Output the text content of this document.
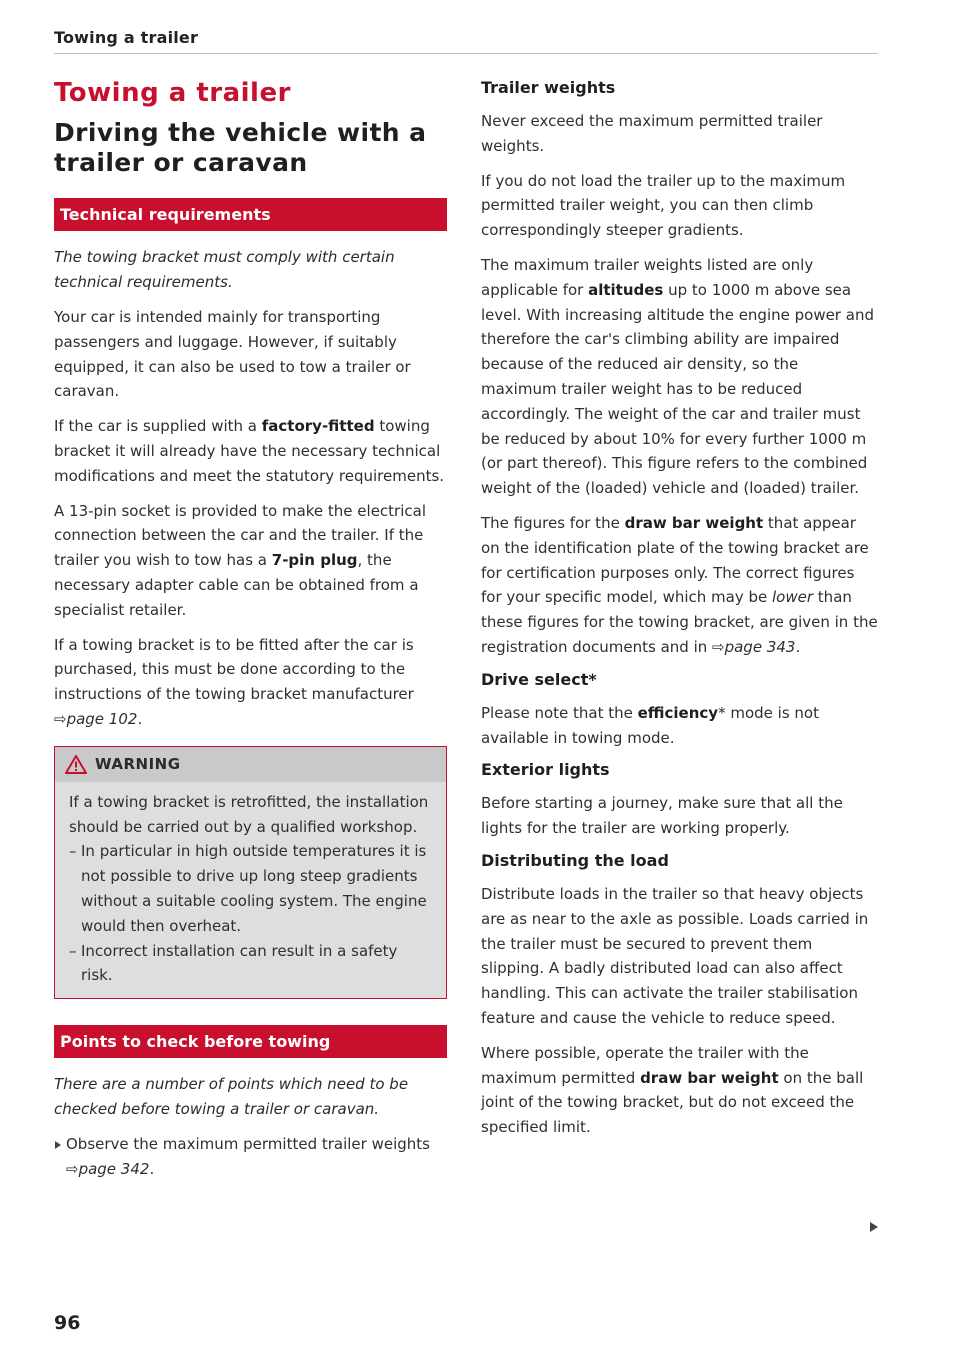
Towing a trailer
Towing a trailer
Driving the vehicle with a trailer or caravan
Technical requirements

The towing bracket must comply with certain technical requirements.

Your car is intended mainly for transporting passengers and luggage. However, if suitably equipped, it can also be used to tow a trailer or caravan.

If the car is supplied with a factory-fitted towing bracket it will already have the necessary technical modifications and meet the statutory requirements.

A 13-pin socket is provided to make the electrical connection between the car and the trailer. If the trailer you wish to tow has a 7-pin plug, the necessary adapter cable can be obtained from a specialist retailer.

If a towing bracket is to be fitted after the car is purchased, this must be done according to the instructions of the towing bracket manufacturer ⇨page 102.

WARNING

If a towing bracket is retrofitted, the installation should be carried out by a qualified workshop.

– In particular in high outside temperatures it is not possible to drive up long steep gradients without a suitable cooling system. The engine would then overheat.
– Incorrect installation can result in a safety risk.
Points to check before towing

There are a number of points which need to be checked before towing a trailer or caravan.

Observe the maximum permitted trailer weights ⇨page 342.
Trailer weights

Never exceed the maximum permitted trailer weights.

If you do not load the trailer up to the maximum permitted trailer weight, you can then climb correspondingly steeper gradients.

The maximum trailer weights listed are only applicable for altitudes up to 1000 m above sea level. With increasing altitude the engine power and therefore the car's climbing ability are impaired because of the reduced air density, so the maximum trailer weight has to be reduced accordingly. The weight of the car and trailer must be reduced by about 10% for every further 1000 m (or part thereof). This figure refers to the combined weight of the (loaded) vehicle and (loaded) trailer.

The figures for the draw bar weight that appear on the identification plate of the towing bracket are for certification purposes only. The correct figures for your specific model, which may be lower than these figures for the towing bracket, are given in the registration documents and in ⇨page 343.

Drive select*

Please note that the efficiency* mode is not available in towing mode.

Exterior lights

Before starting a journey, make sure that all the lights for the trailer are working properly.

Distributing the load

Distribute loads in the trailer so that heavy objects are as near to the axle as possible. Loads carried in the trailer must be secured to prevent them slipping. A badly distributed load can also affect handling. This can activate the trailer stabilisation feature and cause the vehicle to reduce speed.

Where possible, operate the trailer with the maximum permitted draw bar weight on the ball joint of the towing bracket, but do not exceed the specified limit.

96
